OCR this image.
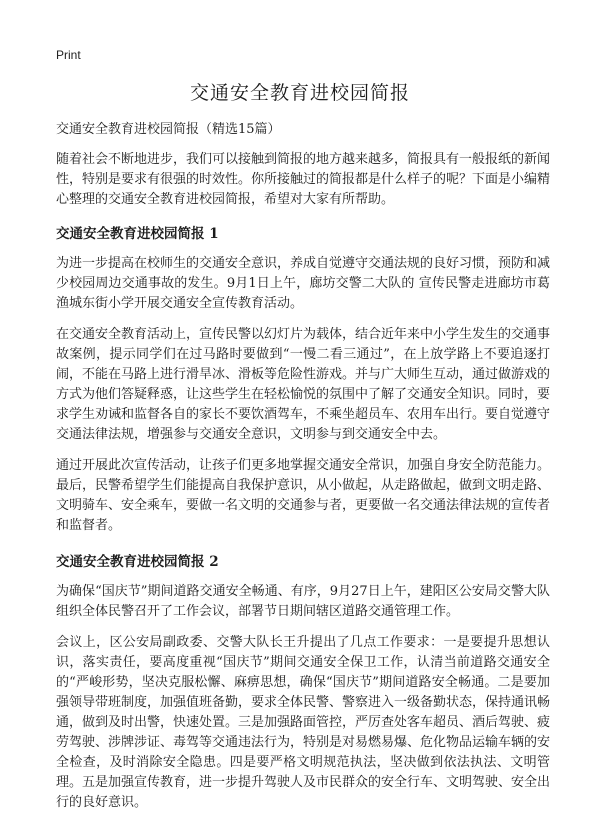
Print
交通安全教育进校园简报

交通安全教育进校园简报（精选15篇）

随着社会不断地进步，我们可以接触到简报的地方越来越多，简报具有一般报纸的新闻性，特别是要求有很强的时效性。你所接触过的简报都是什么样子的呢？下面是小编精心整理的交通安全教育进校园简报，希望对大家有所帮助。

交通安全教育进校园简报 1

为进一步提高在校师生的交通安全意识，养成自觉遵守交通法规的良好习惯，预防和减少校园周边交通事故的发生。9月1日上午，廊坊交警二大队的 宣传民警走进廊坊市葛渔城东街小学开展交通安全宣传教育活动。

在交通安全教育活动上，宣传民警以幻灯片为载体，结合近年来中小学生发生的交通事故案例，提示同学们在过马路时要做到“一慢二看三通过”，在上放学路上不要追逐打闹，不能在马路上进行滑旱冰、滑板等危险性游戏。并与广大师生互动，通过做游戏的方式为他们答疑释惑，让这些学生在轻松愉悦的氛围中了解了交通安全知识。同时，要求学生劝诫和监督各自的家长不要饮酒驾车，不乘坐超员车、农用车出行。要自觉遵守交通法律法规，增强参与交通安全意识，文明参与到交通安全中去。

通过开展此次宣传活动，让孩子们更多地掌握交通安全常识，加强自身安全防范能力。最后，民警希望学生们能提高自我保护意识，从小做起，从走路做起，做到文明走路、文明骑车、安全乘车，要做一名文明的交通参与者，更要做一名交通法律法规的宣传者和监督者。

交通安全教育进校园简报 2

为确保“国庆节”期间道路交通安全畅通、有序，9月27日上午，建阳区公安局交警大队组织全体民警召开了工作会议，部署节日期间辖区道路交通管理工作。

会议上，区公安局副政委、交警大队长王升提出了几点工作要求：一是要提升思想认识，落实责任，要高度重视“国庆节”期间交通安全保卫工作，认清当前道路交通安全的“严峻形势，坚决克服松懈、麻痹思想，确保“国庆节”期间道路安全畅通。二是要加强领导带班制度，加强值班备勤，要求全体民警、警察进入一级备勤状态，保持通讯畅通，做到及时出警，快速处置。三是加强路面管控，严厉查处客车超员、酒后驾驶、疲劳驾驶、涉牌涉证、毒驾等交通违法行为，特别是对易燃易爆、危化物品运输车辆的安全检查，及时消除安全隐患。四是要严格文明规范执法，坚决做到依法执法、文明管理。五是加强宣传教育，进一步提升驾驶人及市民群众的安全行车、文明驾驶、安全出行的良好意识。
